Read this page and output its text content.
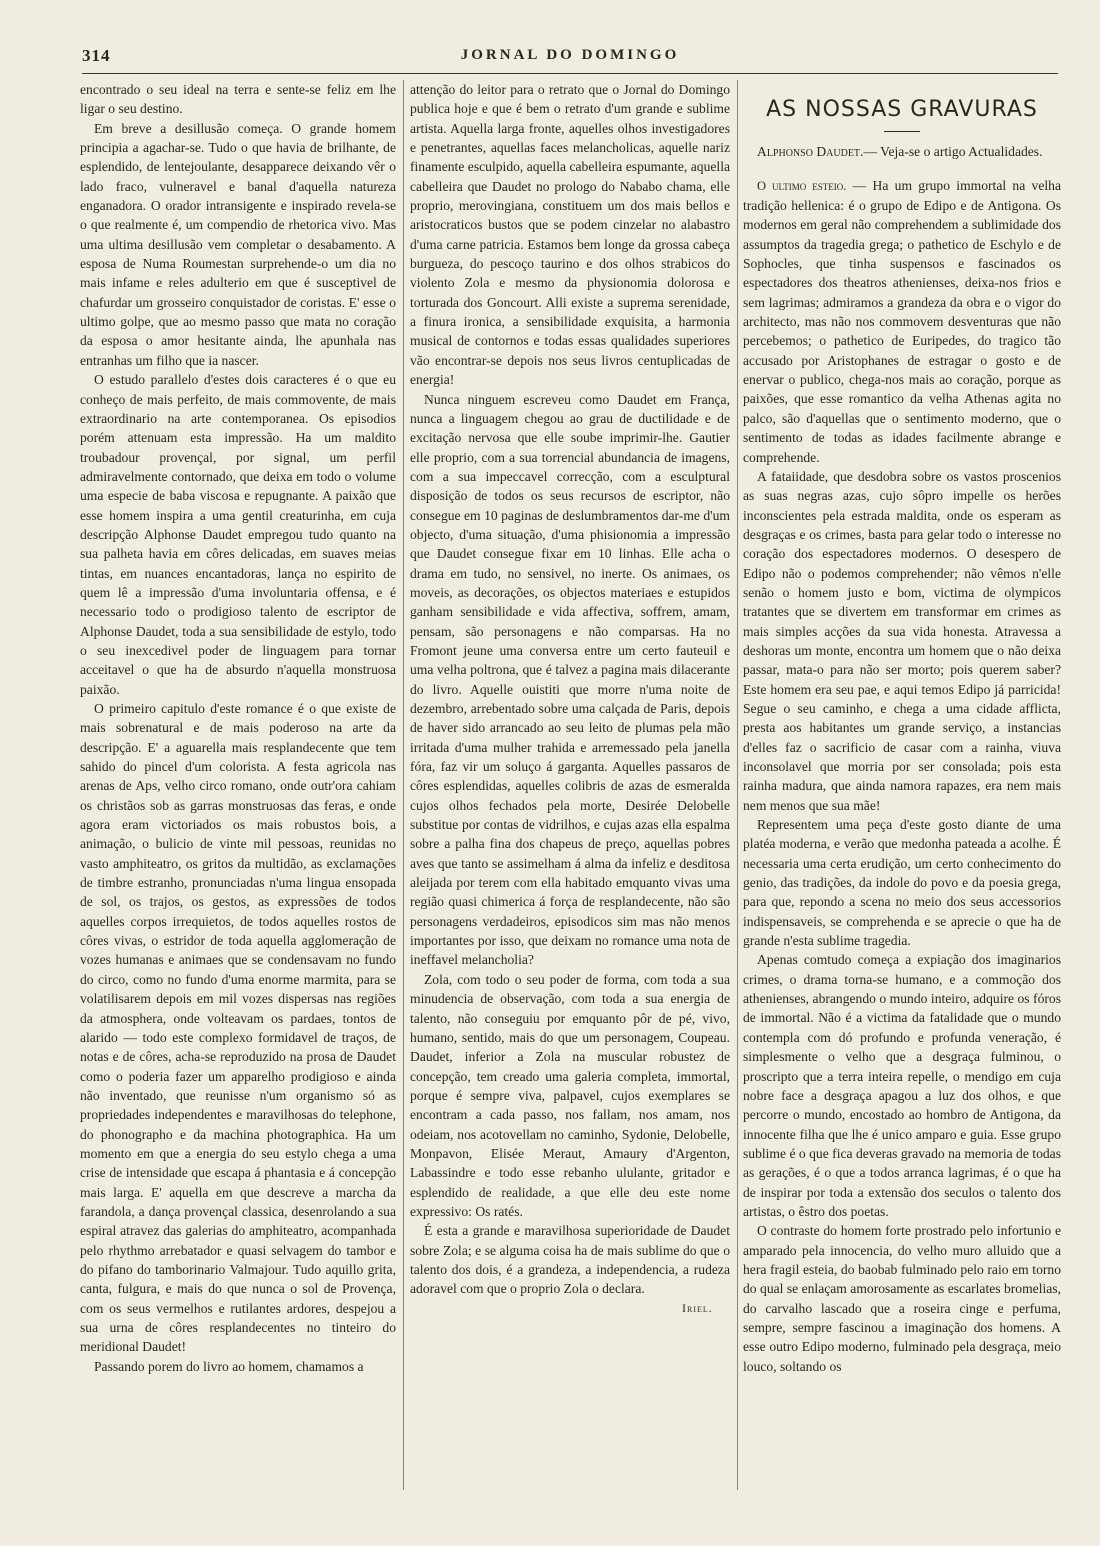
314	JORNAL DO DOMINGO

encontrado o seu ideal na terra e sente-se feliz em lhe ligar o seu destino.

Em breve a desillusão começa. O grande homem principia a agachar-se. Tudo o que havia de brilhante, de esplendido, de lentejoulante, desapparece deixando vêr o lado fraco, vulneravel e banal d'aquella natureza enganadora. O orador intransigente e inspirado revela-se o que realmente é, um compendio de rhetorica vivo. Mas uma ultima desillusão vem completar o desabamento. A esposa de Numa Roumestan surprehende-o um dia no mais infame e reles adulterio em que é susceptivel de chafurdar um grosseiro conquistador de coristas. E' esse o ultimo golpe, que ao mesmo passo que mata no coração da esposa o amor hesitante ainda, lhe apunhala nas entranhas um filho que ia nascer.

O estudo parallelo d'estes dois caracteres é o que eu conheço de mais perfeito, de mais commovente, de mais extraordinario na arte contemporanea. Os episodios porém attenuam esta impressão. Ha um maldito troubadour provençal, por signal, um perfil admiravelmente contornado, que deixa em todo o volume uma especie de baba viscosa e repugnante. A paixão que esse homem inspira a uma gentil creaturinha, em cuja descripção Alphonse Daudet empregou tudo quanto na sua palheta havia em côres delicadas, em suaves meias tintas, em nuances encantadoras, lança no espirito de quem lê a impressão d'uma involuntaria offensa, e é necessario todo o prodigioso talento de escriptor de Alphonse Daudet, toda a sua sensibilidade de estylo, todo o seu inexcedivel poder de linguagem para tornar acceitavel o que ha de absurdo n'aquella monstruosa paixão.

O primeiro capitulo d'este romance é o que existe de mais sobrenatural e de mais poderoso na arte da descripção. E' a aguarella mais resplandecente que tem sahido do pincel d'um colorista. A festa agricola nas arenas de Aps, velho circo romano, onde outr'ora cahiam os christãos sob as garras monstruosas das feras, e onde agora eram victoriados os mais robustos bois, a animação, o bulicio de vinte mil pessoas, reunidas no vasto amphiteatro, os gritos da multidão, as exclamações de timbre estranho, pronunciadas n'uma lingua ensopada de sol, os trajos, os gestos, as expressões de todos aquelles corpos irrequietos, de todos aquelles rostos de côres vivas, o estridor de toda aquella agglomeração de vozes humanas e animaes que se condensavam no fundo do circo, como no fundo d'uma enorme marmita, para se volatilisarem depois em mil vozes dispersas nas regiões da atmosphera, onde volteavam os pardaes, tontos de alarido — todo este complexo formidavel de traços, de notas e de côres, acha-se reproduzido na prosa de Daudet como o poderia fazer um apparelho prodigioso e ainda não inventado, que reunisse n'um organismo só as propriedades independentes e maravilhosas do telephone, do phonographo e da machina photographica. Ha um momento em que a energia do seu estylo chega a uma crise de intensidade que escapa á phantasia e á concepção mais larga. E' aquella em que descreve a marcha da farandola, a dança provençal classica, desenrolando a sua espiral atravez das galerias do amphiteatro, acompanhada pelo rhythmo arrebatador e quasi selvagem do tambor e do pifano do tamborinario Valmajour. Tudo aquillo grita, canta, fulgura, e mais do que nunca o sol de Provença, com os seus vermelhos e rutilantes ardores, despejou a sua urna de côres resplandecentes no tinteiro do meridional Daudet!

Passando porem do livro ao homem, chamamos a

attenção do leitor para o retrato que o Jornal do Domingo publica hoje e que é bem o retrato d'um grande e sublime artista. Aquella larga fronte, aquelles olhos investigadores e penetrantes, aquellas faces melancholicas, aquelle nariz finamente esculpido, aquella cabelleira espumante, aquella cabelleira que Daudet no prologo do Nababo chama, elle proprio, merovingiana, constituem um dos mais bellos e aristocraticos bustos que se podem cinzelar no alabastro d'uma carne patricia. Estamos bem longe da grossa cabeça burgueza, do pescoço taurino e dos olhos strabicos do violento Zola e mesmo da physionomia dolorosa e torturada dos Goncourt. Alli existe a suprema serenidade, a finura ironica, a sensibilidade exquisita, a harmonia musical de contornos e todas essas qualidades superiores vão encontrar-se depois nos seus livros centuplicadas de energia!

Nunca ninguem escreveu como Daudet em França, nunca a linguagem chegou ao grau de ductilidade e de excitação nervosa que elle soube imprimir-lhe. Gautier elle proprio, com a sua torrencial abundancia de imagens, com a sua impeccavel correcção, com a esculptural disposição de todos os seus recursos de escriptor, não consegue em 10 paginas de deslumbramentos dar-me d'um objecto, d'uma situação, d'uma phisionomia a impressão que Daudet consegue fixar em 10 linhas. Elle acha o drama em tudo, no sensivel, no inerte. Os animaes, os moveis, as decorações, os objectos materiaes e estupidos ganham sensibilidade e vida affectiva, soffrem, amam, pensam, são personagens e não comparsas. Ha no Fromont jeune uma conversa entre um certo fauteuil e uma velha poltrona, que é talvez a pagina mais dilacerante do livro. Aquelle ouistiti que morre n'uma noite de dezembro, arrebentado sobre uma calçada de Paris, depois de haver sido arrancado ao seu leito de plumas pela mão irritada d'uma mulher trahida e arremessado pela janella fóra, faz vir um soluço á garganta. Aquelles passaros de côres esplendidas, aquelles colibris de azas de esmeralda cujos olhos fechados pela morte, Desirée Delobelle substitue por contas de vidrilhos, e cujas azas ella espalma sobre a palha fina dos chapeus de preço, aquellas pobres aves que tanto se assimelham á alma da infeliz e desditosa aleijada por terem com ella habitado emquanto vivas uma região quasi chimerica á força de resplandecente, não são personagens verdadeiros, episodicos sim mas não menos importantes por isso, que deixam no romance uma nota de ineffavel melancholia?

Zola, com todo o seu poder de forma, com toda a sua minudencia de observação, com toda a sua energia de talento, não conseguiu por emquanto pôr de pé, vivo, humano, sentido, mais do que um personagem, Coupeau. Daudet, inferior a Zola na muscular robustez de concepção, tem creado uma galeria completa, immortal, porque é sempre viva, palpavel, cujos exemplares se encontram a cada passo, nos fallam, nos amam, nos odeiam, nos acotovellam no caminho, Sydonie, Delobelle, Monpavon, Elisée Meraut, Amaury d'Argenton, Labassindre e todo esse rebanho ululante, gritador e esplendido de realidade, a que elle deu este nome expressivo: Os ratés.

É esta a grande e maravilhosa superioridade de Daudet sobre Zola; e se alguma coisa ha de mais sublime do que o talento dos dois, é a grandeza, a independencia, a rudeza adoravel com que o proprio Zola o declara.

Iriel.

AS NOSSAS GRAVURAS

Alphonso Daudet.— Veja-se o artigo Actualidades.

O ultimo esteio. — Ha um grupo immortal na velha tradição hellenica: é o grupo de Edipo e de Antigona. Os modernos em geral não comprehendem a sublimidade dos assumptos da tragedia grega; o pathetico de Eschylo e de Sophocles, que tinha suspensos e fascinados os espectadores dos theatros athenienses, deixa-nos frios e sem lagrimas; admiramos a grandeza da obra e o vigor do architecto, mas não nos commovem desventuras que não percebemos; o pathetico de Euripedes, do tragico tão accusado por Aristophanes de estragar o gosto e de enervar o publico, chega-nos mais ao coração, porque as paixões, que esse romantico da velha Athenas agita no palco, são d'aquellas que o sentimento moderno, que o sentimento de todas as idades facilmente abrange e comprehende.

A fataiidade, que desdobra sobre os vastos proscenios as suas negras azas, cujo sôpro impelle os herões inconscientes pela estrada maldita, onde os esperam as desgraças e os crimes, basta para gelar todo o interesse no coração dos espectadores modernos. O desespero de Edipo não o podemos comprehender; não vêmos n'elle senão o homem justo e bom, victima de olympicos tratantes que se divertem em transformar em crimes as mais simples acções da sua vida honesta. Atravessa a deshoras um monte, encontra um homem que o não deixa passar, mata-o para não ser morto; pois querem saber? Este homem era seu pae, e aqui temos Edipo já parricida! Segue o seu caminho, e chega a uma cidade afflicta, presta aos habitantes um grande serviço, a instancias d'elles faz o sacrificio de casar com a rainha, viuva inconsolavel que morria por ser consolada; pois esta rainha madura, que ainda namora rapazes, era nem mais nem menos que sua mãe!

Representem uma peça d'este gosto diante de uma platéa moderna, e verão que medonha pateada a acolhe. É necessaria uma certa erudição, um certo conhecimento do genio, das tradições, da indole do povo e da poesia grega, para que, repondo a scena no meio dos seus accessorios indispensaveis, se comprehenda e se aprecie o que ha de grande n'esta sublime tragedia.

Apenas comtudo começa a expiação dos imaginarios crimes, o drama torna-se humano, e a commoção dos athenienses, abrangendo o mundo inteiro, adquire os fóros de immortal. Não é a victima da fatalidade que o mundo contempla com dó profundo e profunda veneração, é simplesmente o velho que a desgraça fulminou, o proscripto que a terra inteira repelle, o mendigo em cuja nobre face a desgraça apagou a luz dos olhos, e que percorre o mundo, encostado ao hombro de Antigona, da innocente filha que lhe é unico amparo e guia. Esse grupo sublime é o que fica deveras gravado na memoria de todas as gerações, é o que a todos arranca lagrimas, é o que ha de inspirar por toda a extensão dos seculos o talento dos artistas, o êstro dos poetas.

O contraste do homem forte prostrado pelo infortunio e amparado pela innocencia, do velho muro alluido que a hera fragil esteia, do baobab fulminado pelo raio em torno do qual se enlaçam amorosamente as escarlates bromelias, do carvalho lascado que a roseira cinge e perfuma, sempre, sempre fascinou a imaginação dos homens. A esse outro Edipo moderno, fulminado pela desgraça, meio louco, soltando os
